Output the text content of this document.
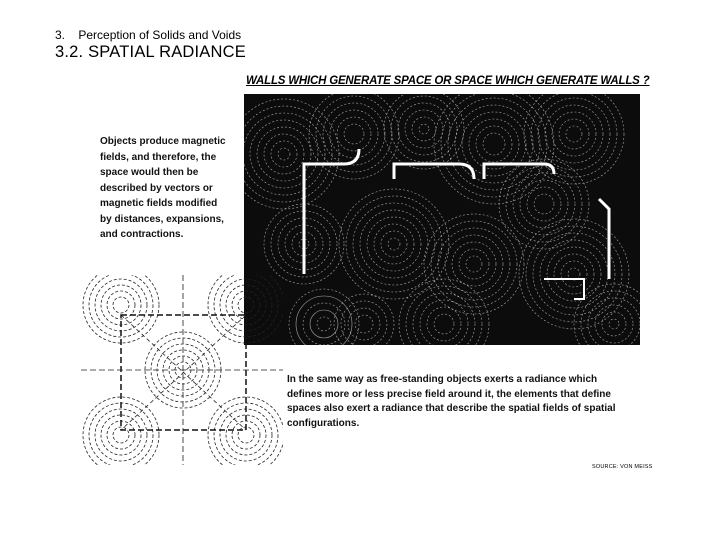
3. Perception of Solids and Voids
3.2. SPATIAL RADIANCE
WALLS WHICH GENERATE SPACE OR SPACE WHICH GENERATE WALLS ?
Objects produce magnetic fields, and therefore, the space would then be described by vectors or magnetic fields modified by distances, expansions, and contractions.
In the same way as free-standing objects exerts a radiance which defines more or less precise field around it, the elements that define spaces also exert a radiance that describe the spatial fields of spatial configurations.
SOURCE: VON MEISS
